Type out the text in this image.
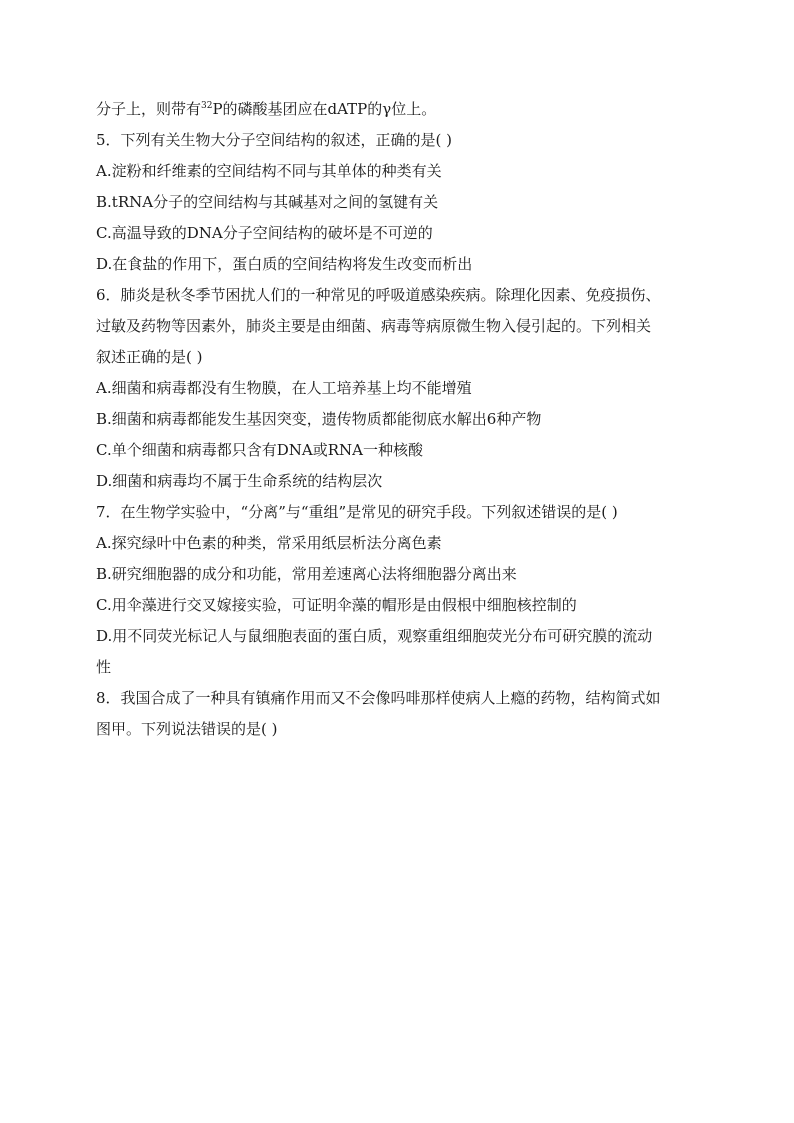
分子上，则带有$^{32}$P的磷酸基团应在dATP的γ位上。
5．下列有关生物大分子空间结构的叙述，正确的是( )
A.淀粉和纤维素的空间结构不同与其单体的种类有关
B.tRNA分子的空间结构与其碱基对之间的氢键有关
C.高温导致的DNA分子空间结构的破坏是不可逆的
D.在食盐的作用下，蛋白质的空间结构将发生改变而析出
6．肺炎是秋冬季节困扰人们的一种常见的呼吸道感染疾病。除理化因素、免疫损伤、
过敏及药物等因素外，肺炎主要是由细菌、病毒等病原微生物入侵引起的。下列相关
叙述正确的是( )
A.细菌和病毒都没有生物膜，在人工培养基上均不能增殖
B.细菌和病毒都能发生基因突变，遗传物质都能彻底水解出6种产物
C.单个细菌和病毒都只含有DNA或RNA一种核酸
D.细菌和病毒均不属于生命系统的结构层次
7．在生物学实验中，“分离”与“重组”是常见的研究手段。下列叙述错误的是( )
A.探究绿叶中色素的种类，常采用纸层析法分离色素
B.研究细胞器的成分和功能，常用差速离心法将细胞器分离出来
C.用伞藻进行交叉嫁接实验，可证明伞藻的帽形是由假根中细胞核控制的
D.用不同荧光标记人与鼠细胞表面的蛋白质，观察重组细胞荧光分布可研究膜的流动
性
8．我国合成了一种具有镇痛作用而又不会像吗啡那样使病人上瘾的药物，结构简式如
图甲。下列说法错误的是( )
